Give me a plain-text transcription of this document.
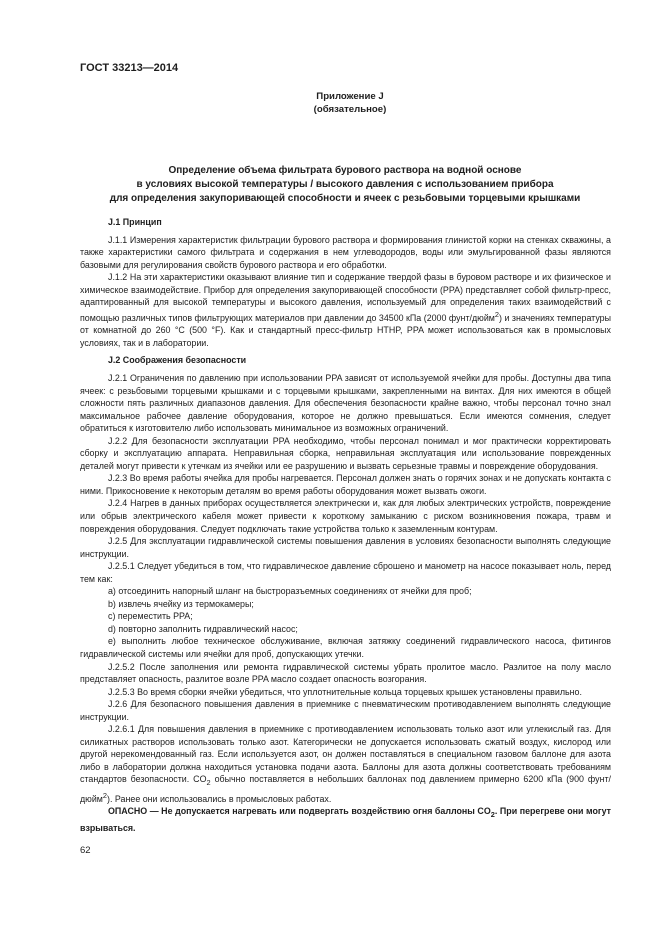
ГОСТ 33213—2014
Приложение J
(обязательное)
Определение объема фильтрата бурового раствора на водной основе
в условиях высокой температуры / высокого давления с использованием прибора
для определения закупоривающей способности и ячеек с резьбовыми торцевыми крышками

J.1 Принцип

J.1.1 Измерения характеристик фильтрации бурового раствора и формирования глинистой корки на стенках скважины, а также характеристики самого фильтрата и содержания в нем углеводородов, воды или эмульгированной фазы являются базовыми для регулирования свойств бурового раствора и его обработки.

J.1.2 На эти характеристики оказывают влияние тип и содержание твердой фазы в буровом растворе и их физическое и химическое взаимодействие. Прибор для определения закупоривающей способности (PPA) представляет собой фильтр-пресс, адаптированный для высокой температуры и высокого давления, используемый для определения таких взаимодействий с помощью различных типов фильтрующих материалов при давлении до 34500 кПа (2000 фунт/дюйм$^2$) и значениях температуры от комнатной до 260 °C (500 °F). Как и стандартный пресс-фильтр HTHP, PPA может использоваться как в промысловых условиях, так и в лаборатории.

J.2 Соображения безопасности

J.2.1 Ограничения по давлению при использовании PPA зависят от используемой ячейки для пробы. Доступны два типа ячеек: с резьбовыми торцевыми крышками и с торцевыми крышками, закрепленными на винтах. Для них имеются в общей сложности пять различных диапазонов давления. Для обеспечения безопасности крайне важно, чтобы персонал точно знал максимальное рабочее давление оборудования, которое не должно превышаться. Если имеются сомнения, следует обратиться к изготовителю либо использовать минимальное из возможных ограничений.

J.2.2 Для безопасности эксплуатации PPA необходимо, чтобы персонал понимал и мог практически корректировать сборку и эксплуатацию аппарата. Неправильная сборка, неправильная эксплуатация или использование поврежденных деталей могут привести к утечкам из ячейки или ее разрушению и вызвать серьезные травмы и повреждение оборудования.

J.2.3 Во время работы ячейка для пробы нагревается. Персонал должен знать о горячих зонах и не допускать контакта с ними. Прикосновение к некоторым деталям во время работы оборудования может вызвать ожоги.

J.2.4 Нагрев в данных приборах осуществляется электрически и, как для любых электрических устройств, повреждение или обрыв электрического кабеля может привести к короткому замыканию с риском возникновения пожара, травм и повреждения оборудования. Следует подключать такие устройства только к заземленным контурам.

J.2.5 Для эксплуатации гидравлической системы повышения давления в условиях безопасности выполнять следующие инструкции.

J.2.5.1 Следует убедиться в том, что гидравлическое давление сброшено и манометр на насосе показывает ноль, перед тем как:

a) отсоединить напорный шланг на быстроразъемных соединениях от ячейки для проб;

b) извлечь ячейку из термокамеры;

c) переместить PPA;

d) повторно заполнить гидравлический насос;

e) выполнить любое техническое обслуживание, включая затяжку соединений гидравлического насоса, фитингов гидравлической системы или ячейки для проб, допускающих утечки.

J.2.5.2 После заполнения или ремонта гидравлической системы убрать пролитое масло. Разлитое на полу масло представляет опасность, разлитое возле PPA масло создает опасность возгорания.

J.2.5.3 Во время сборки ячейки убедиться, что уплотнительные кольца торцевых крышек установлены правильно.

J.2.6 Для безопасного повышения давления в приемнике с пневматическим противодавлением выполнять следующие инструкции.

J.2.6.1 Для повышения давления в приемнике с противодавлением использовать только азот или углекислый газ. Для силикатных растворов использовать только азот. Категорически не допускается использовать сжатый воздух, кислород или другой нерекомендованный газ. Если используется азот, он должен поставляться в специальном газовом баллоне для азота либо в лаборатории должна находиться установка подачи азота. Баллоны для азота должны соответствовать требованиям стандартов безопасности. $CO_2$ обычно поставляется в небольших баллонах под давлением примерно 6200 кПа (900 фунт/дюйм$^2$). Ранее они использовались в промысловых работах.

ОПАСНО — Не допускается нагревать или подвергать воздействию огня баллоны $CO_2$. При перегреве они могут взрываться.

62
